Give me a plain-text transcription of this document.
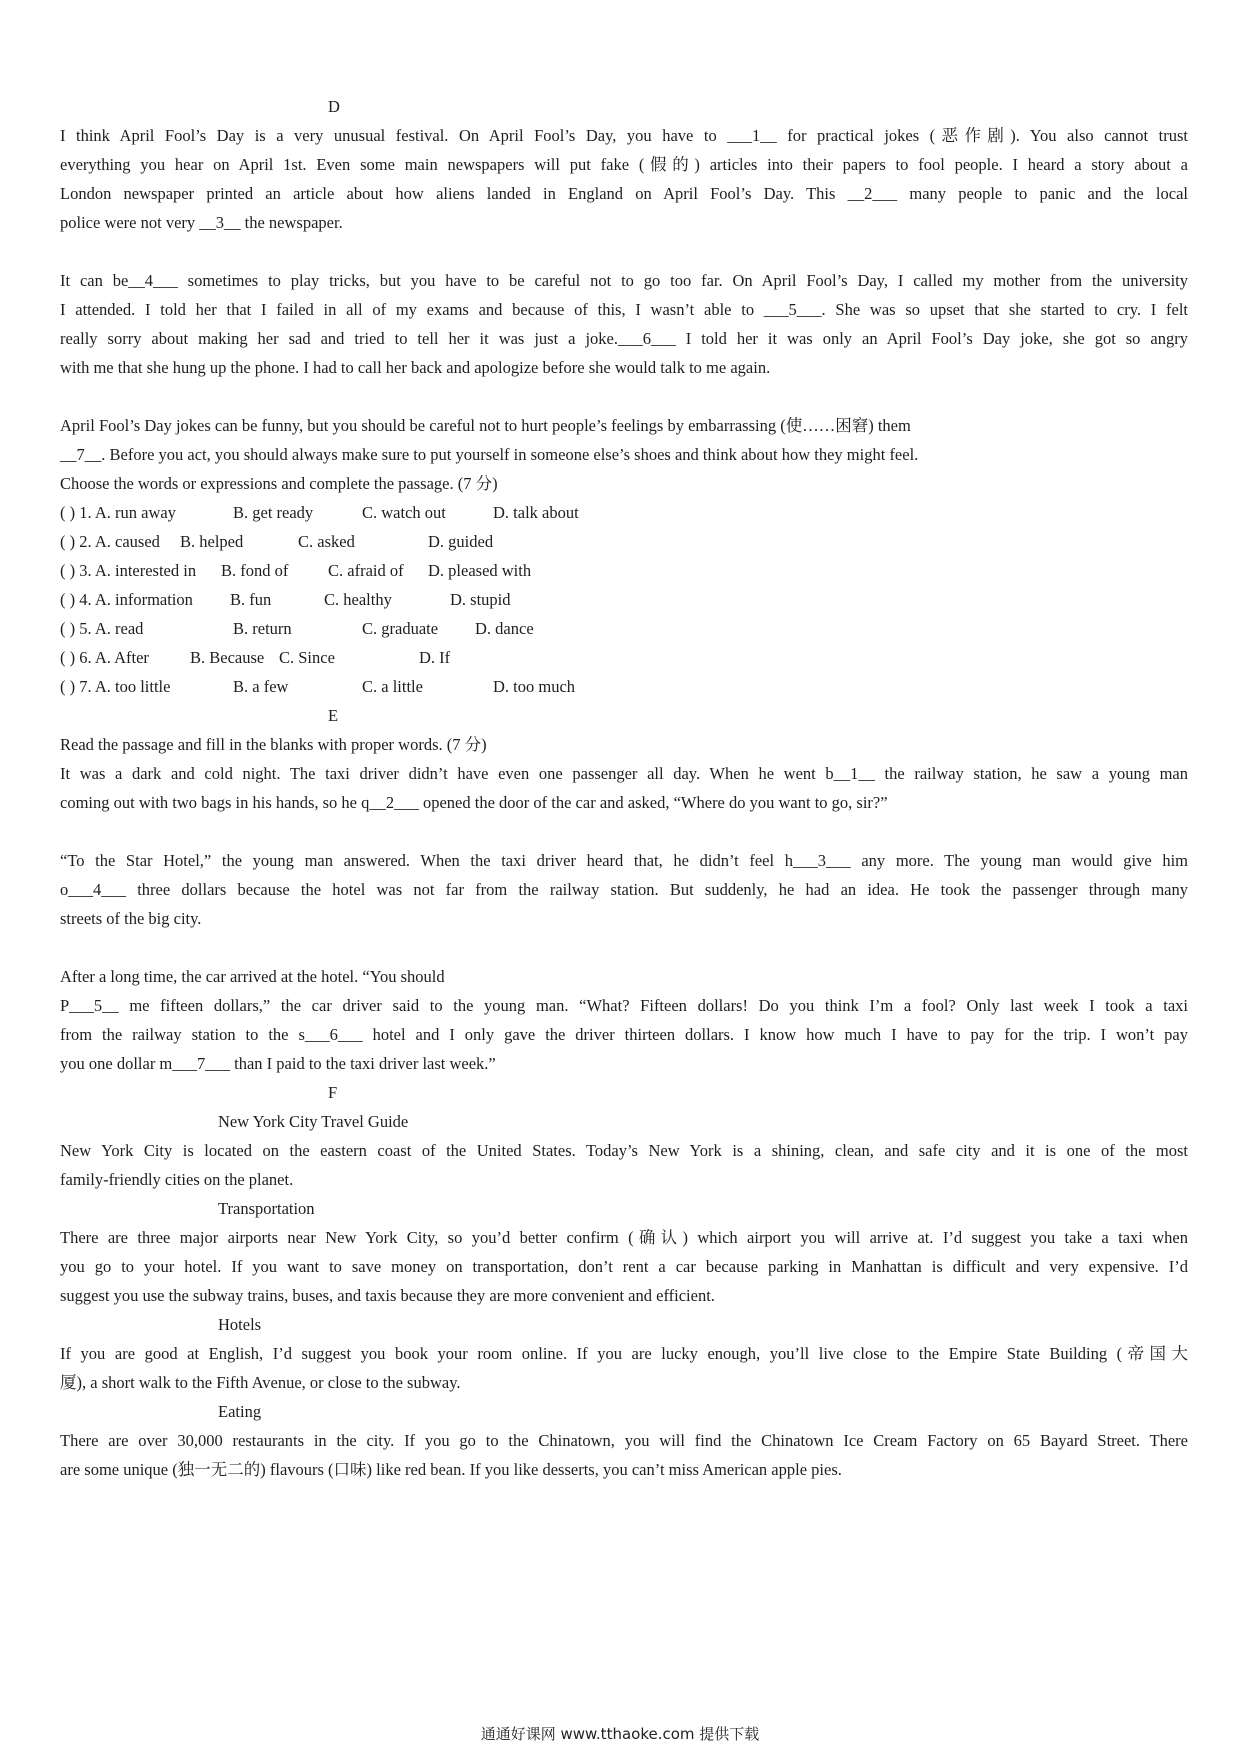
D
I think April Fool’s Day is a very unusual festival. On April Fool’s Day, you have to ___1__ for practical jokes (恶作剧). You also cannot trust
everything you hear on April 1st. Even some main newspapers will put fake (假的) articles into their papers to fool people. I heard a story about a
London newspaper printed an article about how aliens landed in England on April Fool’s Day. This __2___ many people to panic and the local
police were not very __3__ the newspaper.
It can be__4___ sometimes to play tricks, but you have to be careful not to go too far. On April Fool’s Day, I called my mother from the university
I attended. I told her that I failed in all of my exams and because of this, I wasn’t able to ___5___. She was so upset that she started to cry. I felt
really sorry about making her sad and tried to tell her it was just a joke.___6___ I told her it was only an April Fool’s Day joke, she got so angry
with me that she hung up the phone. I had to call her back and apologize before she would talk to me again.
April Fool’s Day jokes can be funny, but you should be careful not to hurt people’s feelings by embarrassing (使……困窘) them
__7__. Before you act, you should always make sure to put yourself in someone else’s shoes and think about how they might feel.
Choose the words or expressions and complete the passage. (7 分)
( ) 1. A. run away	B. get ready	C. watch out	D. talk about
( ) 2. A. caused	B. helped	C. asked	D. guided
( ) 3. A. interested in	B. fond of	C. afraid of	D. pleased with
( ) 4. A. information	B. fun	C. healthy	D. stupid
( ) 5. A. read	B. return	C. graduate	D. dance
( ) 6. A. After	B. Because C. Since	D. If
( ) 7. A. too little	B. a few	C. a little	D. too much
E
Read the passage and fill in the blanks with proper words. (7 分)
It was a dark and cold night. The taxi driver didn’t have even one passenger all day. When he went b__1__ the railway station, he saw a young man
coming out with two bags in his hands, so he q__2___ opened the door of the car and asked, “Where do you want to go, sir?”
“To the Star Hotel,” the young man answered. When the taxi driver heard that, he didn’t feel h___3___ any more. The young man would give him
o___4___ three dollars because the hotel was not far from the railway station. But suddenly, he had an idea. He took the passenger through many
streets of the big city.
After a long time, the car arrived at the hotel. “You should
P___5__ me fifteen dollars,” the car driver said to the young man. “What? Fifteen dollars! Do you think I’m a fool? Only last week I took a taxi
from the railway station to the s___6___ hotel and I only gave the driver thirteen dollars. I know how much I have to pay for the trip. I won’t pay
you one dollar m___7___ than I paid to the taxi driver last week.”
F
New York City Travel Guide
New York City is located on the eastern coast of the United States. Today’s New York is a shining, clean, and safe city and it is one of the most
family-friendly cities on the planet.
Transportation
There are three major airports near New York City, so you’d better confirm (确认) which airport you will arrive at. I’d suggest you take a taxi when
you go to your hotel. If you want to save money on transportation, don’t rent a car because parking in Manhattan is difficult and very expensive. I’d
suggest you use the subway trains, buses, and taxis because they are more convenient and efficient.
Hotels
If you are good at English, I’d suggest you book your room online. If you are lucky enough, you’ll live close to the Empire State Building (帝国大
厦), a short walk to the Fifth Avenue, or close to the subway.
Eating
There are over 30,000 restaurants in the city. If you go to the Chinatown, you will find the Chinatown Ice Cream Factory on 65 Bayard Street. There
are some unique (独一无二的) flavours (口味) like red bean. If you like desserts, you can’t miss American apple pies.
通通好课网 www.tthaoke.com 提供下载
